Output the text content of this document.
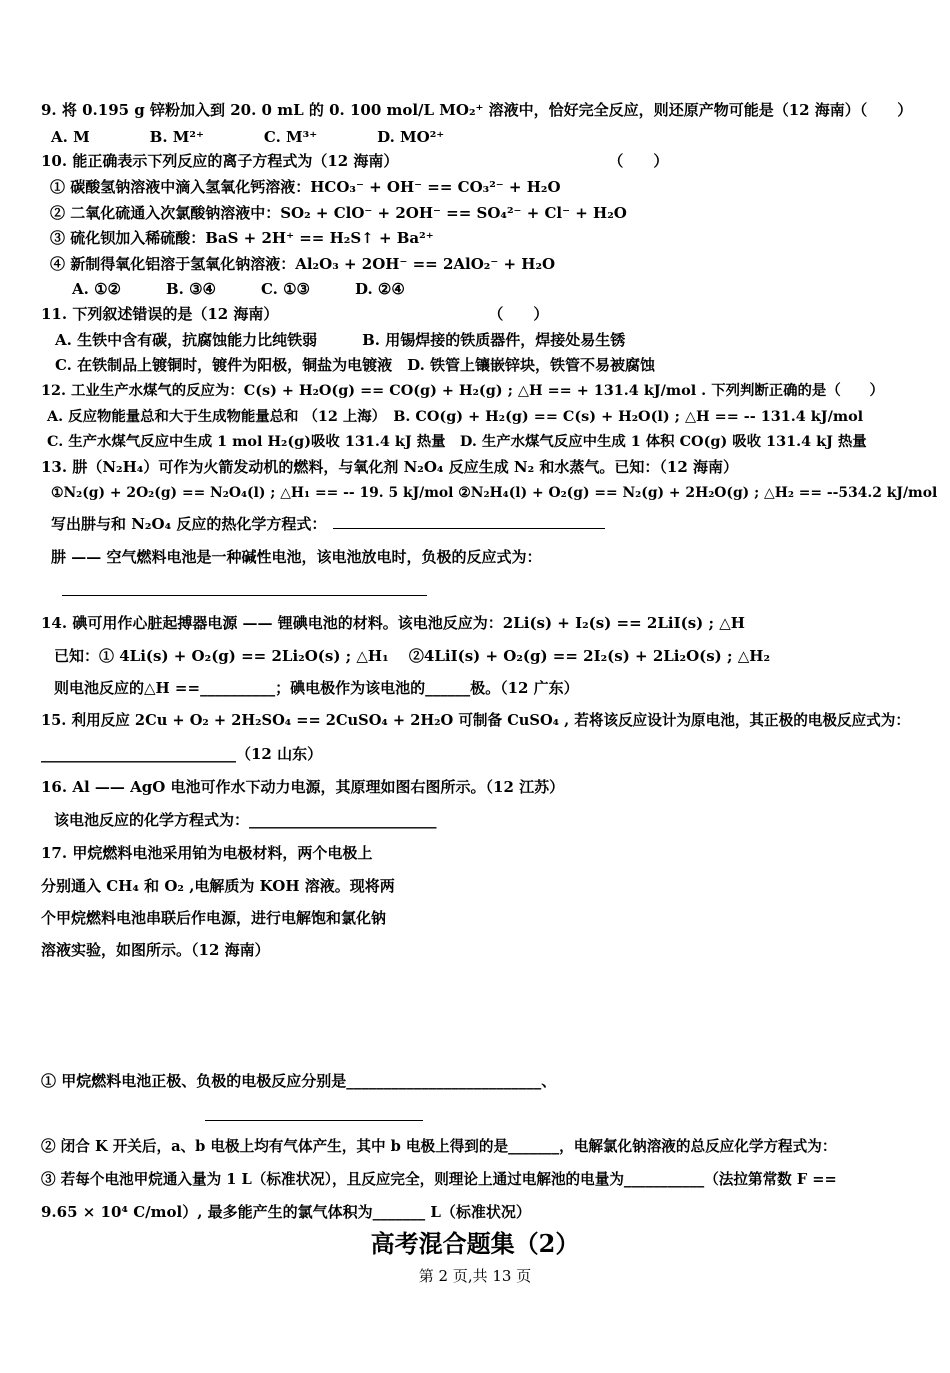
9. 将 0.195 g 锌粉加入到 20. 0 mL 的 0. 100 mol/L MO₂⁺ 溶液中，恰好完全反应，则还原产物可能是（12 海南）（　　）
A. M　　　　B. M²⁺　　　　C. M³⁺　　　　D. MO²⁺
10. 能正确表示下列反应的离子方程式为（12 海南）　　　　　　　　　　　　　　　（　　）
① 碳酸氢钠溶液中滴入氢氧化钙溶液：HCO₃⁻ + OH⁻ == CO₃²⁻ + H₂O
② 二氧化硫通入次氯酸钠溶液中：SO₂ + ClO⁻ + 2OH⁻ == SO₄²⁻ + Cl⁻ + H₂O
③ 硫化钡加入稀硫酸：BaS + 2H⁺ == H₂S↑ + Ba²⁺
④ 新制得氧化铝溶于氢氧化钠溶液：Al₂O₃ + 2OH⁻ == 2AlO₂⁻ + H₂O
A. ①②　　　B. ③④　　　C. ①③　　　D. ②④
11. 下列叙述错误的是（12 海南）　　　　　　　　　　　　　　　（　　）
A. 生铁中含有碳，抗腐蚀能力比纯铁弱　　　B. 用锡焊接的铁质器件，焊接处易生锈
C. 在铁制品上镀铜时，镀件为阳极，铜盐为电镀液　D. 铁管上镶嵌锌块，铁管不易被腐蚀
12. 工业生产水煤气的反应为：C(s) + H₂O(g) == CO(g) + H₂(g) ; △H == + 131.4 kJ/mol . 下列判断正确的是（　　）
A. 反应物能量总和大于生成物能量总和 （12 上海）　B. CO(g) + H₂(g) == C(s) + H₂O(l) ; △H == -- 131.4 kJ/mol
C. 生产水煤气反应中生成 1 mol H₂(g)吸收 131.4 kJ 热量　D. 生产水煤气反应中生成 1 体积 CO(g) 吸收 131.4 kJ 热量
13. 肼（N₂H₄）可作为火箭发动机的燃料，与氧化剂 N₂O₄ 反应生成 N₂ 和水蒸气。已知：（12 海南）
①N₂(g) + 2O₂(g) == N₂O₄(l) ; △H₁ == -- 19. 5 kJ/mol ②N₂H₄(l) + O₂(g) == N₂(g) + 2H₂O(g) ; △H₂ == --534.2 kJ/mol
写出肼与和 N₂O₄ 反应的热化学方程式：
肼 —— 空气燃料电池是一种碱性电池，该电池放电时，负极的反应式为：
14. 碘可用作心脏起搏器电源 —— 锂碘电池的材料。该电池反应为：2Li(s) + I₂(s) == 2LiI(s) ; △H
已知：① 4Li(s) + O₂(g) == 2Li₂O(s) ; △H₁　 ②4LiI(s) + O₂(g) == 2I₂(s) + 2Li₂O(s) ; △H₂
则电池反应的△H ==__________；碘电极作为该电池的______极。（12 广东）
15. 利用反应 2Cu + O₂ + 2H₂SO₄ == 2CuSO₄ + 2H₂O 可制备 CuSO₄ , 若将该反应设计为原电池，其正极的电极反应式为：
__________________________（12 山东）
16. Al —— AgO 电池可作水下动力电源，其原理如图右图所示。（12 江苏）
该电池反应的化学方程式为：_________________________
17. 甲烷燃料电池采用铂为电极材料，两个电极上
分别通入 CH₄ 和 O₂ ,电解质为 KOH 溶液。现将两
个甲烷燃料电池串联后作电源，进行电解饱和氯化钠
溶液实验，如图所示。（12 海南）
① 甲烷燃料电池正极、负极的电极反应分别是__________________________、
② 闭合 K 开关后，a、b 电极上均有气体产生，其中 b 电极上得到的是_______，电解氯化钠溶液的总反应化学方程式为：
③ 若每个电池甲烷通入量为 1 L（标准状况），且反应完全，则理论上通过电解池的电量为___________（法拉第常数 F ==
9.65 × 10⁴ C/mol）, 最多能产生的氯气体积为_______ L（标准状况）
高考混合题集（2）
第 2 页,共 13 页
